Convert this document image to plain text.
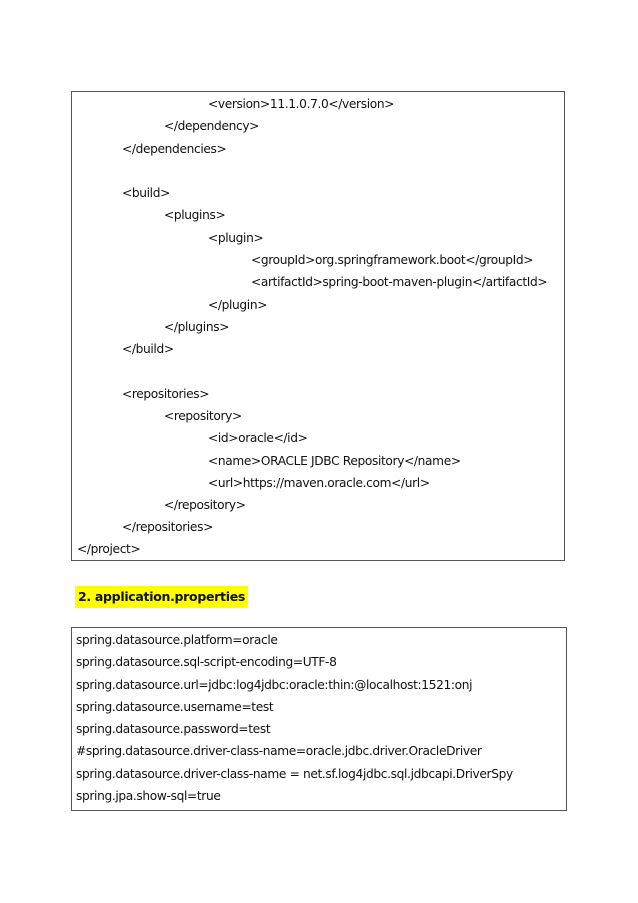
<version>11.1.0.7.0</version>
</dependency>
</dependencies>
<build>
<plugins>
<plugin>
<groupId>org.springframework.boot</groupId>
<artifactId>spring-boot-maven-plugin</artifactId>
</plugin>
</plugins>
</build>
<repositories>
<repository>
<id>oracle</id>
<name>ORACLE JDBC Repository</name>
<url>https://maven.oracle.com</url>
</repository>
</repositories>
</project>
2. application.properties
spring.datasource.platform=oracle
spring.datasource.sql-script-encoding=UTF-8
spring.datasource.url=jdbc:log4jdbc:oracle:thin:@localhost:1521:onj
spring.datasource.username=test
spring.datasource.password=test
#spring.datasource.driver-class-name=oracle.jdbc.driver.OracleDriver
spring.datasource.driver-class-name = net.sf.log4jdbc.sql.jdbcapi.DriverSpy
spring.jpa.show-sql=true
